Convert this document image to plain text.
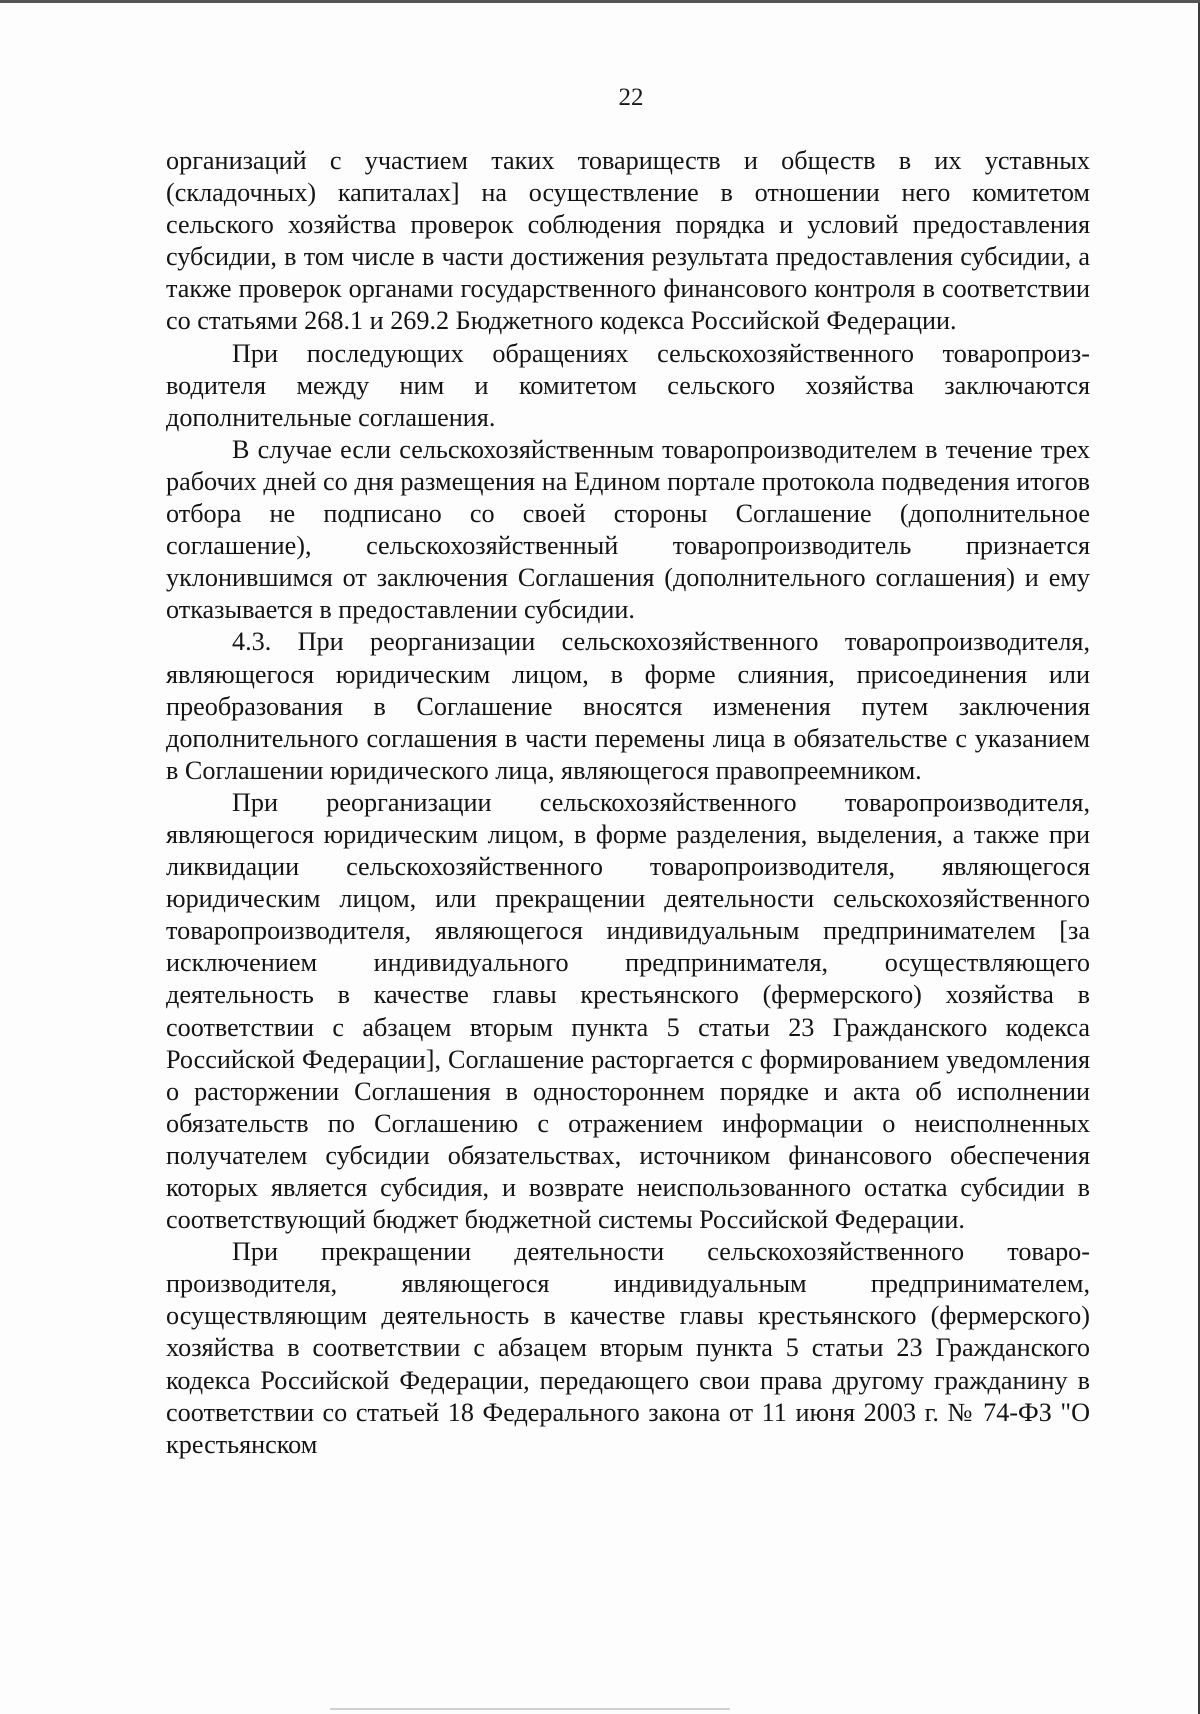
22

организаций с участием таких товариществ и обществ в их уставных (складочных) капиталах] на осуществление в отношении него комитетом сельского хозяйства проверок соблюдения порядка и условий предоставления субсидии, в том числе в части достижения результата предоставления субсидии, а также проверок органами государственного финансового контроля в соответствии со статьями 268.1 и 269.2 Бюджетного кодекса Российской Федерации.

При последующих обращениях сельскохозяйственного товаропроизводителя между ним и комитетом сельского хозяйства заключаются дополнительные соглашения.

В случае если сельскохозяйственным товаропроизводителем в течение трех рабочих дней со дня размещения на Едином портале протокола подведения итогов отбора не подписано со своей стороны Соглашение (дополнительное соглашение), сельскохозяйственный товаропроизводитель признается уклонившимся от заключения Соглашения (дополнительного соглашения) и ему отказывается в предоставлении субсидии.

4.3. При реорганизации сельскохозяйственного товаропроизводителя, являющегося юридическим лицом, в форме слияния, присоединения или преобразования в Соглашение вносятся изменения путем заключения дополнительного соглашения в части перемены лица в обязательстве с указанием в Соглашении юридического лица, являющегося правопреемником.

При реорганизации сельскохозяйственного товаропроизводителя, являющегося юридическим лицом, в форме разделения, выделения, а также при ликвидации сельскохозяйственного товаропроизводителя, являющегося юридическим лицом, или прекращении деятельности сельскохозяйственного товаропроизводителя, являющегося индивидуальным предпринимателем [за исключением индивидуального предпринимателя, осуществляющего деятельность в качестве главы крестьянского (фермерского) хозяйства в соответствии с абзацем вторым пункта 5 статьи 23 Гражданского кодекса Российской Федерации], Соглашение расторгается с формированием уведомления о расторжении Соглашения в одностороннем порядке и акта об исполнении обязательств по Соглашению с отражением информации о неисполненных получателем субсидии обязательствах, источником финансового обеспечения которых является субсидия, и возврате неиспользованного остатка субсидии в соответствующий бюджет бюджетной системы Российской Федерации.

При прекращении деятельности сельскохозяйственного товаропроизводителя, являющегося индивидуальным предпринимателем, осуществляющим деятельность в качестве главы крестьянского (фермерского) хозяйства в соответствии с абзацем вторым пункта 5 статьи 23 Гражданского кодекса Российской Федерации, передающего свои права другому гражданину в соответствии со статьей 18 Федерального закона от 11 июня 2003 г. № 74-ФЗ "О крестьянском
